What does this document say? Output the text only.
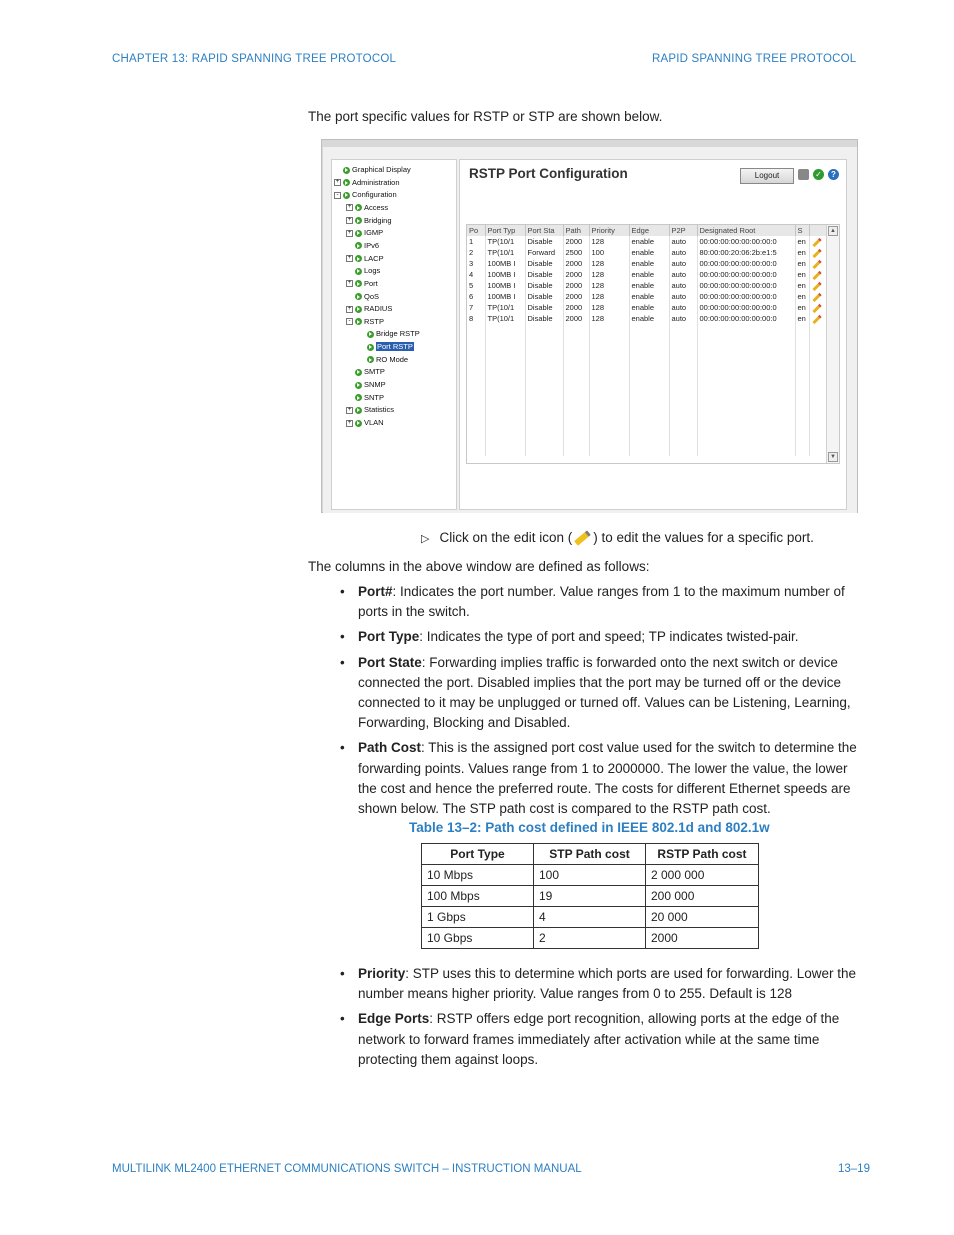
CHAPTER 13: RAPID SPANNING TREE PROTOCOL	RAPID SPANNING TREE PROTOCOL
The port specific values for RSTP or STP are shown below.
Graphical Display
+ Administration
- Configuration
+ Access
+ Bridging
+ IGMP
IPv6
+ LACP
Logs
+ Port
QoS
+ RADIUS
- RSTP
Bridge RSTP
Port RSTP
RO Mode
SMTP
SNMP
SNTP
+ Statistics
+ VLAN
RSTP Port Configuration	Logout	✓	?
Po	Port Typ	Port Sta	Path	Priority	Edge	P2P	Designated Root	S	
1	TP(10/1	Disable	2000	128	enable	auto	00:00:00:00:00:00:00:0	en	
2	TP(10/1	Forward	2500	100	enable	auto	80:00:00:20:06:2b:e1:5	en	
3	100MB I	Disable	2000	128	enable	auto	00:00:00:00:00:00:00:0	en	
4	100MB I	Disable	2000	128	enable	auto	00:00:00:00:00:00:00:0	en	
5	100MB I	Disable	2000	128	enable	auto	00:00:00:00:00:00:00:0	en	
6	100MB I	Disable	2000	128	enable	auto	00:00:00:00:00:00:00:0	en	
7	TP(10/1	Disable	2000	128	enable	auto	00:00:00:00:00:00:00:0	en	
8	TP(10/1	Disable	2000	128	enable	auto	00:00:00:00:00:00:00:0	en	

▲
▼
▷ Click on the edit icon ( ) to edit the values for a specific port.
The columns in the above window are defined as follows:
• Port#: Indicates the port number. Value ranges from 1 to the maximum number of ports in the switch.
• Port Type: Indicates the type of port and speed; TP indicates twisted-pair.
• Port State: Forwarding implies traffic is forwarded onto the next switch or device connected the port. Disabled implies that the port may be turned off or the device connected to it may be unplugged or turned off. Values can be Listening, Learning, Forwarding, Blocking and Disabled.
• Path Cost: This is the assigned port cost value used for the switch to determine the forwarding points. Values range from 1 to 2000000. The lower the value, the lower the cost and hence the preferred route. The costs for different Ethernet speeds are shown below. The STP path cost is compared to the RSTP path cost.
Table 13–2: Path cost defined in IEEE 802.1d and 802.1w
Port Type	STP Path cost	RSTP Path cost
10 Mbps	100	2 000 000
100 Mbps	19	200 000
1 Gbps	4	20 000
10 Gbps	2	2000
• Priority: STP uses this to determine which ports are used for forwarding. Lower the number means higher priority. Value ranges from 0 to 255. Default is 128
• Edge Ports: RSTP offers edge port recognition, allowing ports at the edge of the network to forward frames immediately after activation while at the same time protecting them against loops.
MULTILINK ML2400 ETHERNET COMMUNICATIONS SWITCH – INSTRUCTION MANUAL	13–19
